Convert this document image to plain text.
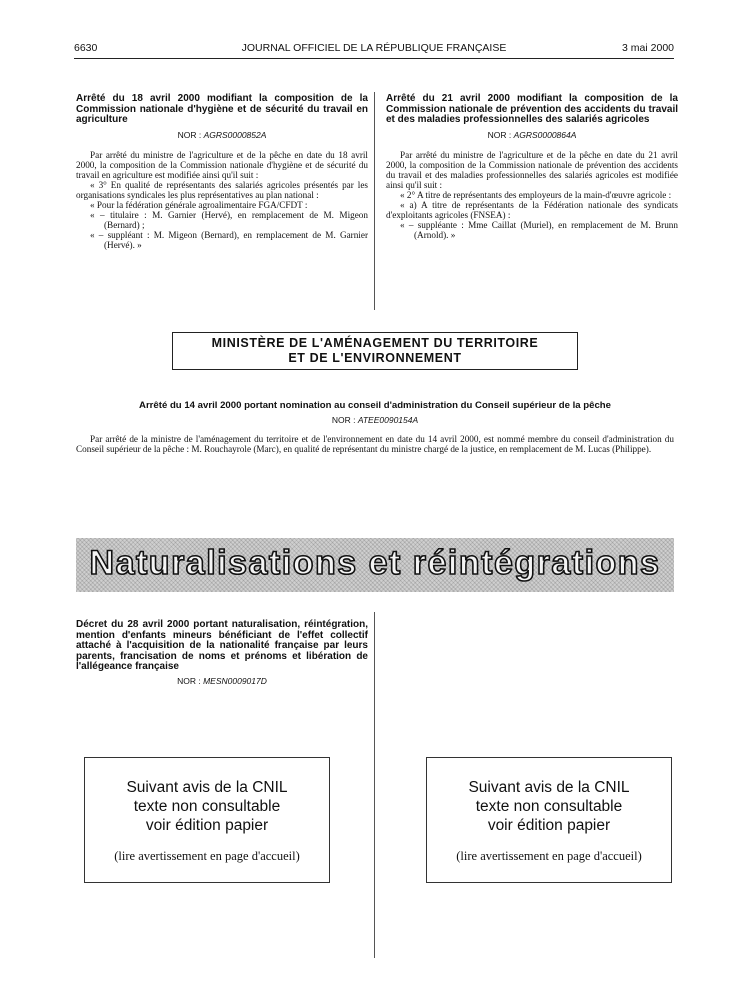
6630	JOURNAL OFFICIEL DE LA RÉPUBLIQUE FRANÇAISE	3 mai 2000

Arrêté du 18 avril 2000 modifiant la composition de la Commission nationale d'hygiène et de sécurité du travail en agriculture

NOR : AGRS0000852A

Par arrêté du ministre de l'agriculture et de la pêche en date du 18 avril 2000, la composition de la Commission nationale d'hygiène et de sécurité du travail en agriculture est modifiée ainsi qu'il suit :

« 3° En qualité de représentants des salariés agricoles présentés par les organisations syndicales les plus représentatives au plan national :

« Pour la fédération générale agroalimentaire FGA/CFDT :

« – titulaire : M. Garnier (Hervé), en remplacement de M. Migeon (Bernard) ;

« – suppléant : M. Migeon (Bernard), en remplacement de M. Garnier (Hervé). »

Arrêté du 21 avril 2000 modifiant la composition de la Commission nationale de prévention des accidents du travail et des maladies professionnelles des salariés agricoles

NOR : AGRS0000864A

Par arrêté du ministre de l'agriculture et de la pêche en date du 21 avril 2000, la composition de la Commission nationale de prévention des accidents du travail et des maladies professionnelles des salariés agricoles est modifiée ainsi qu'il suit :

« 2° A titre de représentants des employeurs de la main-d'œuvre agricole :

« a) A titre de représentants de la Fédération nationale des syndicats d'exploitants agricoles (FNSEA) :

« – suppléante : Mme Caillat (Muriel), en remplacement de M. Brunn (Arnold). »

MINISTÈRE DE L'AMÉNAGEMENT DU TERRITOIRE
ET DE L'ENVIRONNEMENT
Arrêté du 14 avril 2000 portant nomination au conseil d'administration du Conseil supérieur de la pêche
NOR : ATEE0090154A

Par arrêté de la ministre de l'aménagement du territoire et de l'environnement en date du 14 avril 2000, est nommé membre du conseil d'administration du Conseil supérieur de la pêche : M. Rouchayrole (Marc), en qualité de représentant du ministre chargé de la justice, en remplacement de M. Lucas (Philippe).

Naturalisations et réintégrations

Décret du 28 avril 2000 portant naturalisation, réintégration, mention d'enfants mineurs bénéficiant de l'effet collectif attaché à l'acquisition de la nationalité française par leurs parents, francisation de noms et prénoms et libération de l'allégeance française

NOR : MESN0009017D
Suivant avis de la CNIL
texte non consultable
voir édition papier
(lire avertissement en page d'accueil)
Suivant avis de la CNIL
texte non consultable
voir édition papier
(lire avertissement en page d'accueil)
